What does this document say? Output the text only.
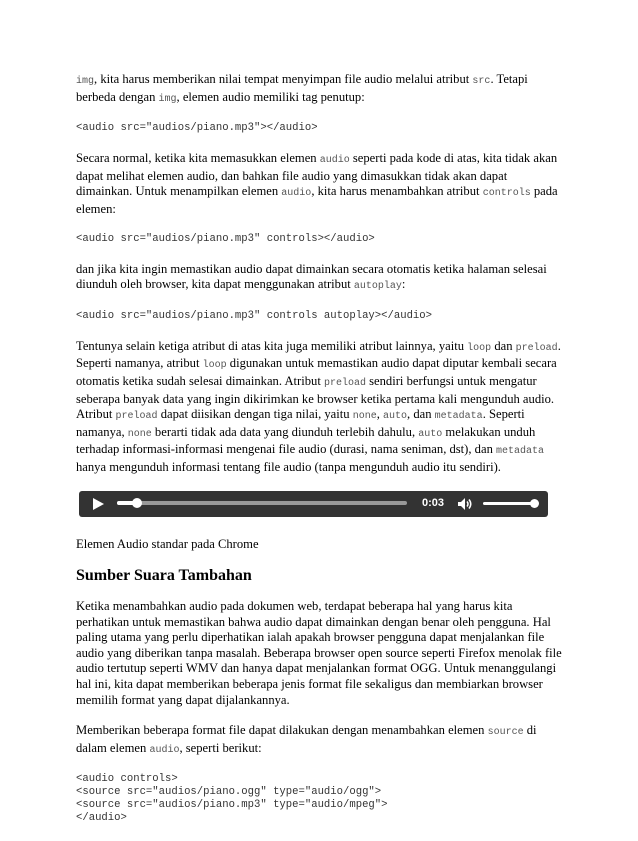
img, kita harus memberikan nilai tempat menyimpan file audio melalui atribut src. Tetapi berbeda dengan img, elemen audio memiliki tag penutup:

<audio src="audios/piano.mp3"></audio>

Secara normal, ketika kita memasukkan elemen audio seperti pada kode di atas, kita tidak akan dapat melihat elemen audio, dan bahkan file audio yang dimasukkan tidak akan dapat dimainkan. Untuk menampilkan elemen audio, kita harus menambahkan atribut controls pada elemen:

<audio src="audios/piano.mp3" controls></audio>

dan jika kita ingin memastikan audio dapat dimainkan secara otomatis ketika halaman selesai diunduh oleh browser, kita dapat menggunakan atribut autoplay:

<audio src="audios/piano.mp3" controls autoplay></audio>

Tentunya selain ketiga atribut di atas kita juga memiliki atribut lainnya, yaitu loop dan preload. Seperti namanya, atribut loop digunakan untuk memastikan audio dapat diputar kembali secara otomatis ketika sudah selesai dimainkan. Atribut preload sendiri berfungsi untuk mengatur seberapa banyak data yang ingin dikirimkan ke browser ketika pertama kali mengunduh audio. Atribut preload dapat diisikan dengan tiga nilai, yaitu none, auto, dan metadata. Seperti namanya, none berarti tidak ada data yang diunduh terlebih dahulu, auto melakukan unduh terhadap informasi-informasi mengenai file audio (durasi, nama seniman, dst), dan metadata hanya mengunduh informasi tentang file audio (tanpa mengunduh audio itu sendiri).

0:03

Elemen Audio standar pada Chrome

Sumber Suara Tambahan

Ketika menambahkan audio pada dokumen web, terdapat beberapa hal yang harus kita perhatikan untuk memastikan bahwa audio dapat dimainkan dengan benar oleh pengguna. Hal paling utama yang perlu diperhatikan ialah apakah browser pengguna dapat menjalankan file audio yang diberikan tanpa masalah. Beberapa browser open source seperti Firefox menolak file audio tertutup seperti WMV dan hanya dapat menjalankan format OGG. Untuk menanggulangi hal ini, kita dapat memberikan beberapa jenis format file sekaligus dan membiarkan browser memilih format yang dapat dijalankannya.

Memberikan beberapa format file dapat dilakukan dengan menambahkan elemen source di dalam elemen audio, seperti berikut:

<audio controls>
<source src="audios/piano.ogg" type="audio/ogg">
<source src="audios/piano.mp3" type="audio/mpeg">
</audio>
